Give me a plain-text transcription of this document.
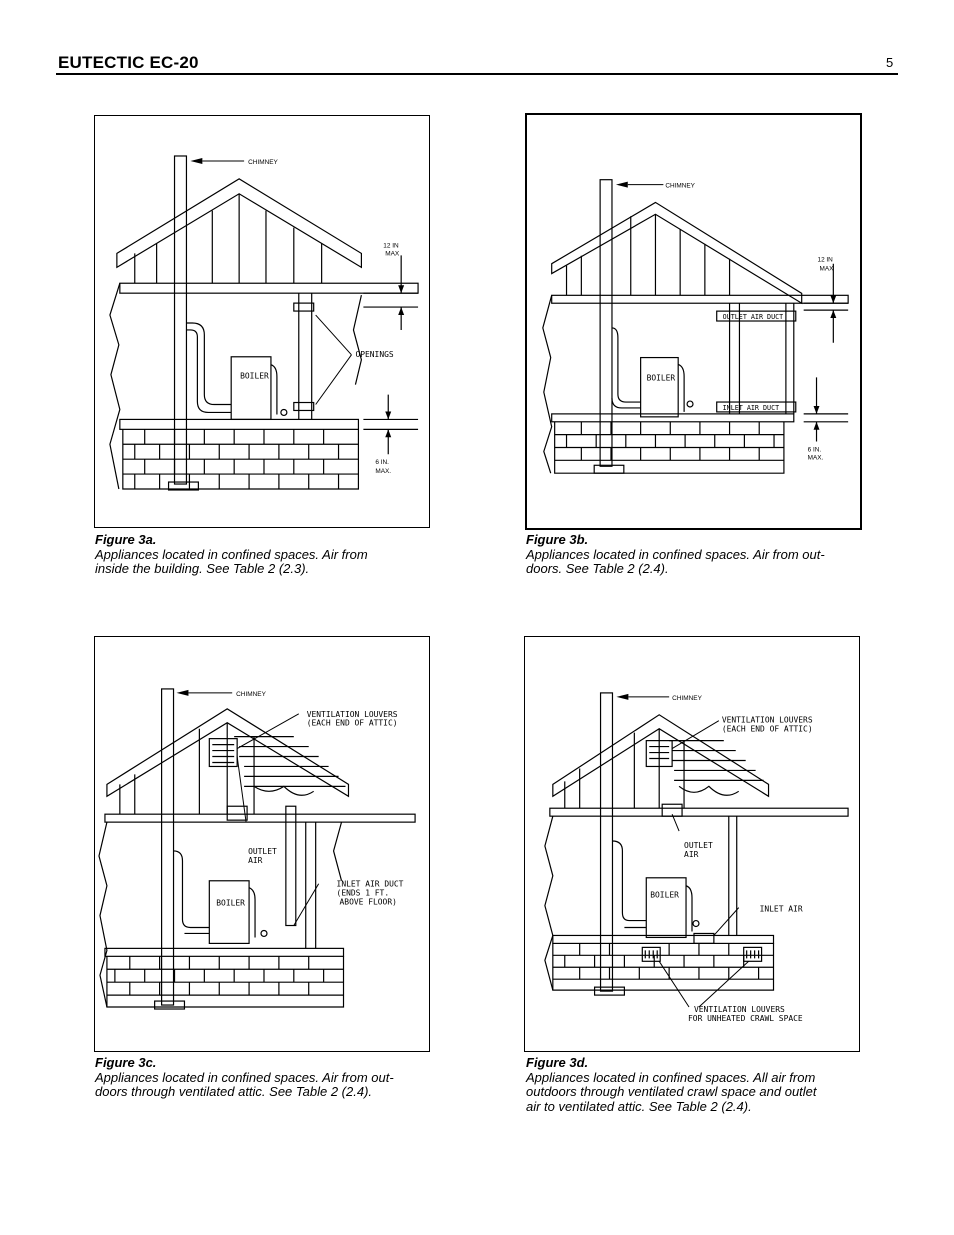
EUTECTIC EC-20	5
CHIMNEY
BOILER
OPENINGS
12 IN
MAX
6 IN.
MAX.
Figure 3a.
Appliances located in confined spaces. Air from
inside the building. See Table 2 (2.3).
CHIMNEY
BOILER
OUTLET AIR DUCT
INLET AIR DUCT
12 IN
MAX
6 IN.
MAX.
Figure 3b.
Appliances located in confined spaces. Air from out-
doors. See Table 2 (2.4).
CHIMNEY
BOILER
VENTILATION LOUVERS
(EACH END OF ATTIC)
OUTLET
AIR
INLET AIR DUCT
(ENDS 1 FT.
ABOVE FLOOR)
Figure 3c.
Appliances located in confined spaces. Air from out-
doors through ventilated attic. See Table 2 (2.4).
CHIMNEY
BOILER
VENTILATION LOUVERS
(EACH END OF ATTIC)
OUTLET
AIR
INLET AIR
VENTILATION LOUVERS
FOR UNHEATED CRAWL SPACE
Figure 3d.
Appliances located in confined spaces. All air from
outdoors through ventilated crawl space and outlet
air to ventilated attic. See Table 2 (2.4).
